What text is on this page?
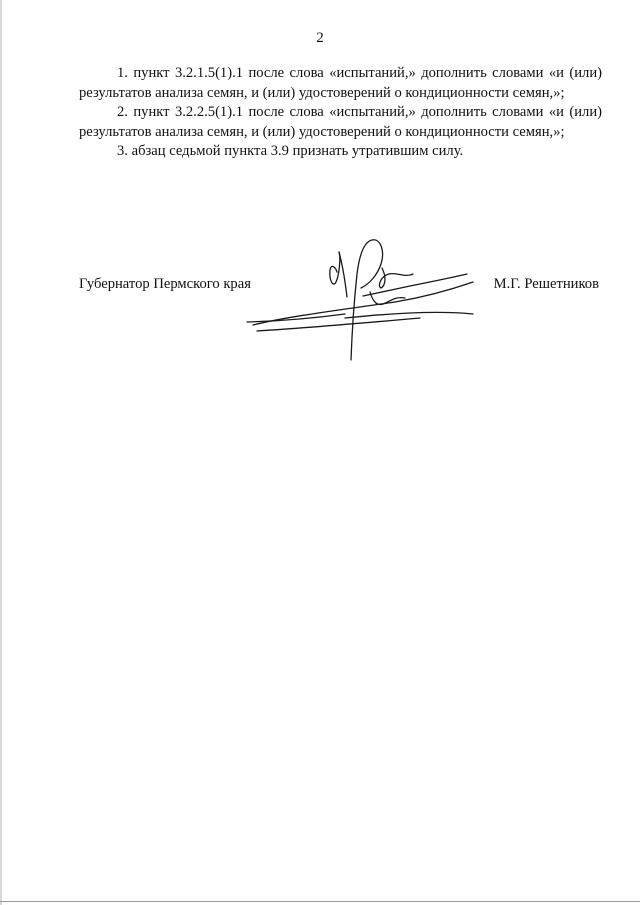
2

1. пункт 3.2.1.5(1).1 после слова «испытаний,» дополнить словами «и (или) результатов анализа семян, и (или) удостоверений о кондиционности семян,»;

2. пункт 3.2.2.5(1).1 после слова «испытаний,» дополнить словами «и (или) результатов анализа семян, и (или) удостоверений о кондиционности семян,»;

3. абзац седьмой пункта 3.9 признать утратившим силу.

Губернатор Пермского края	М.Г. Решетников
